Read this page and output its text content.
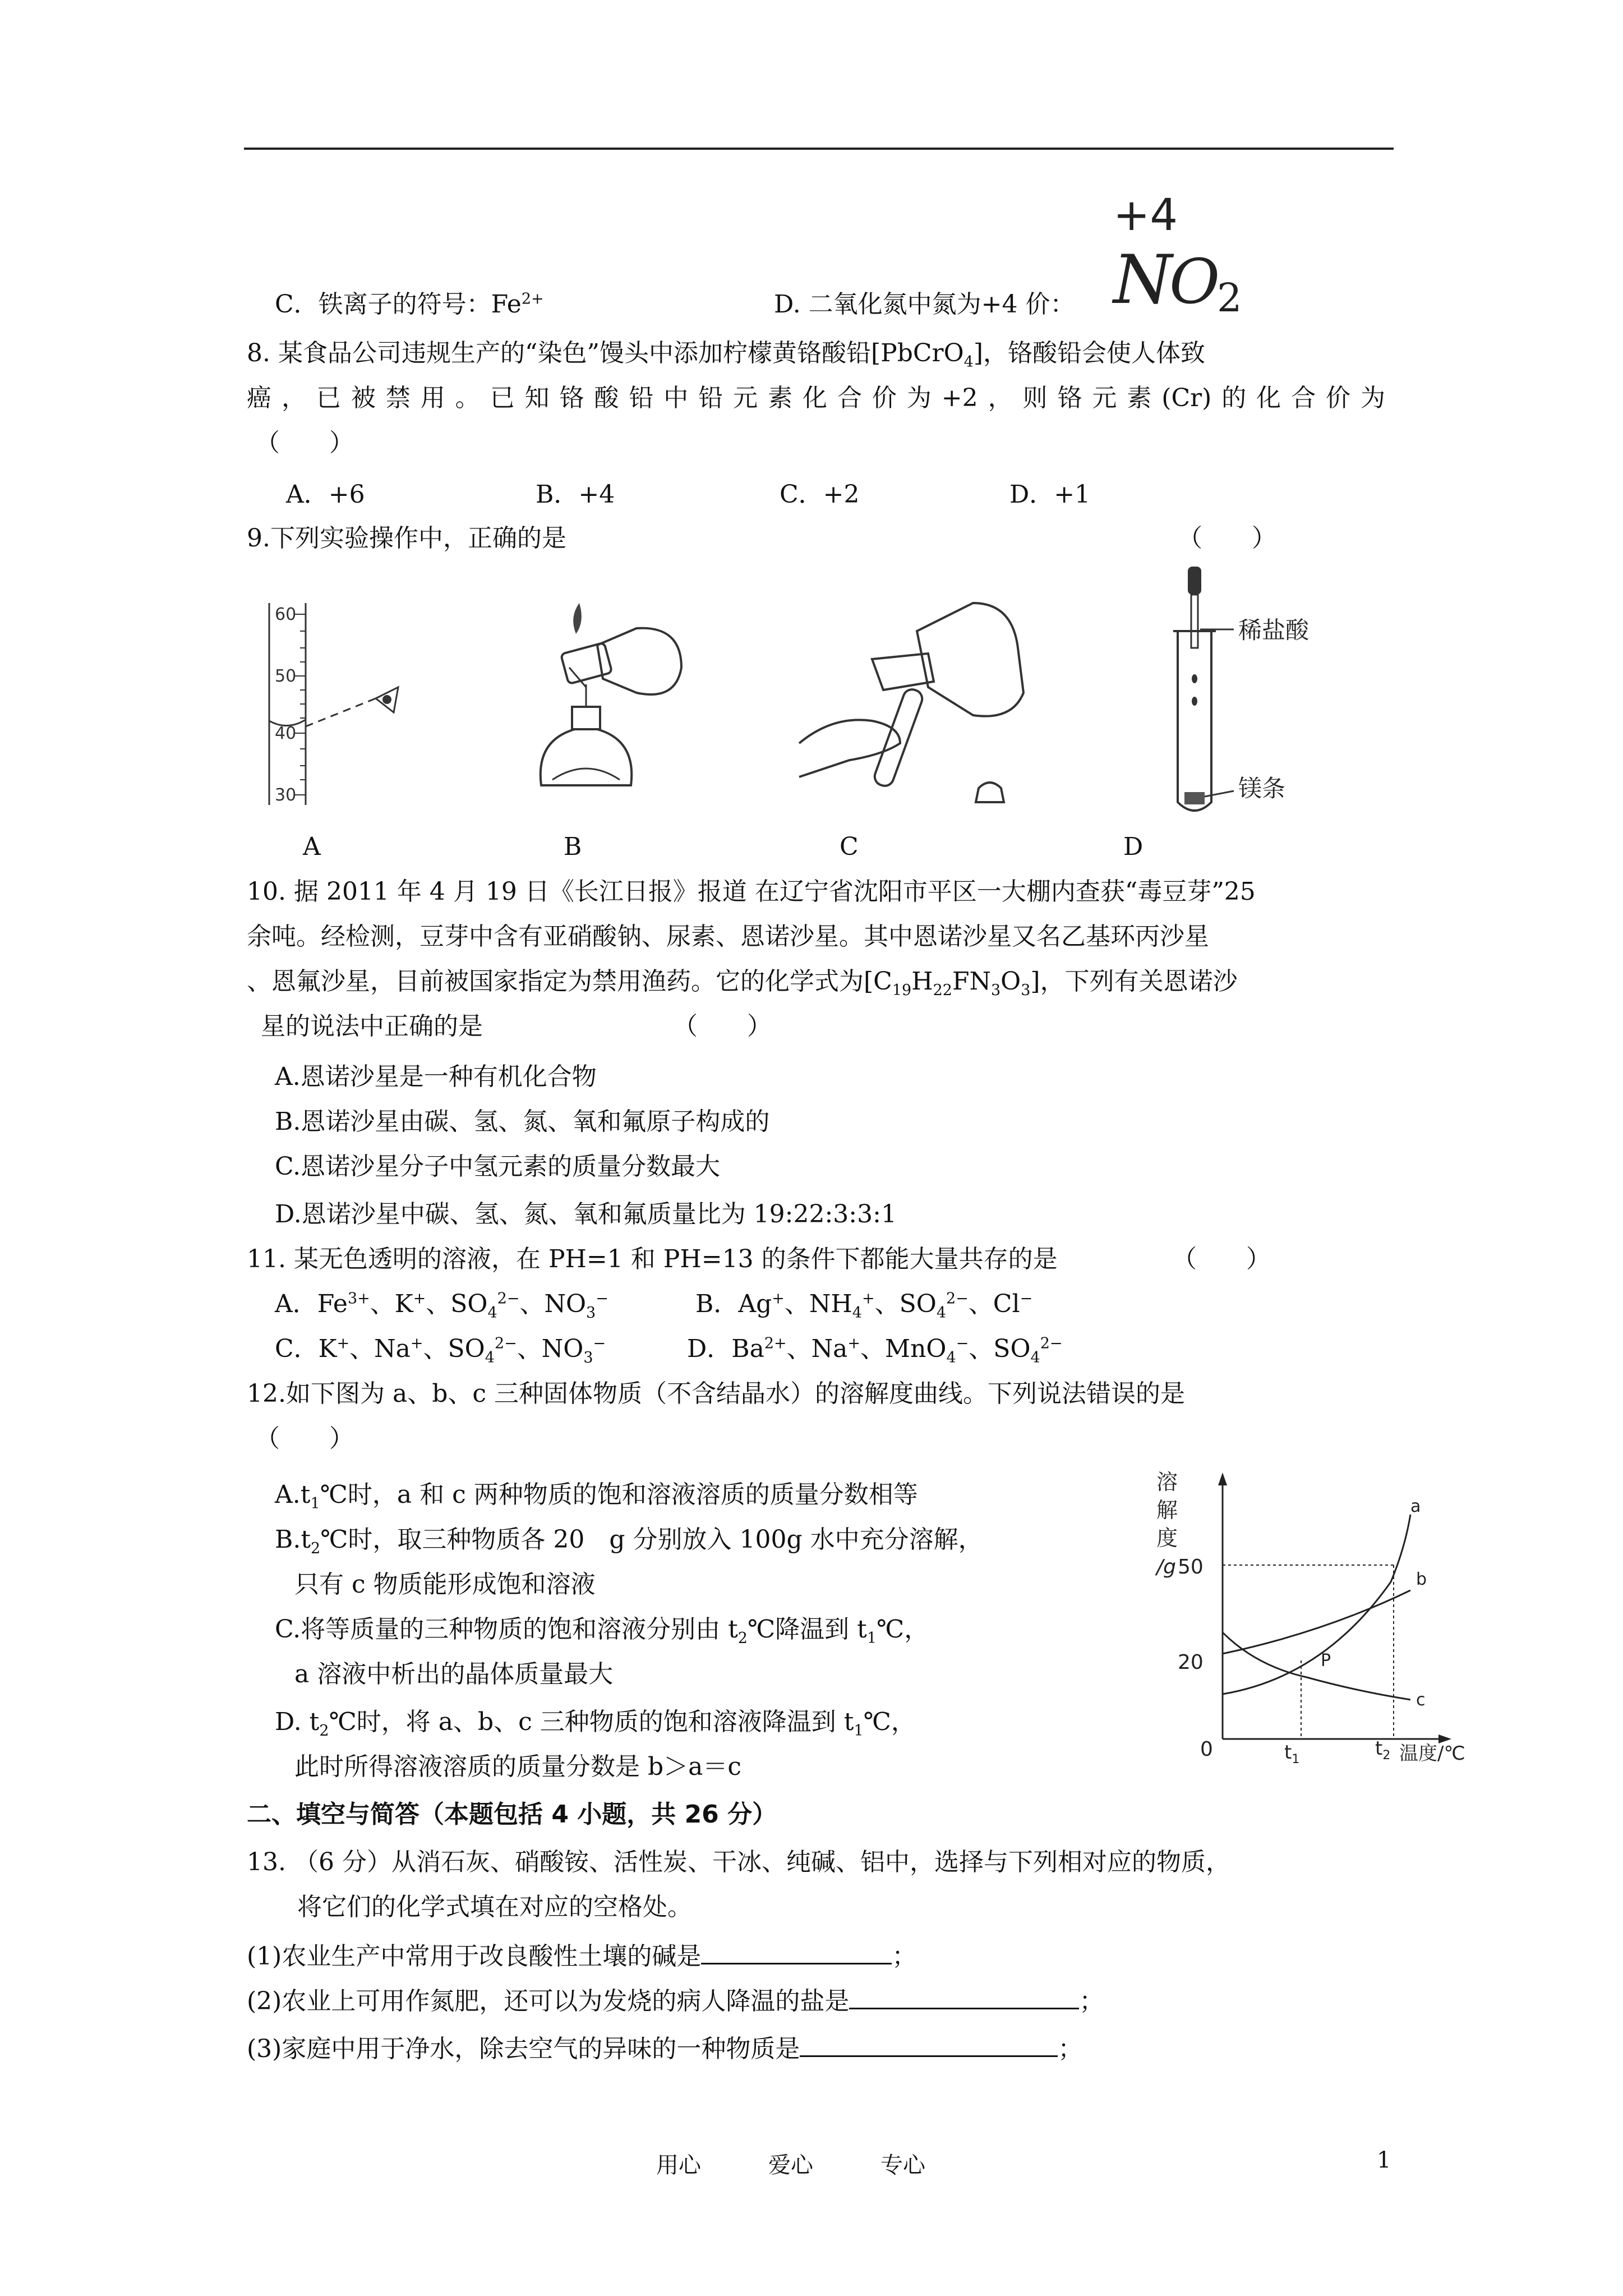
C．铁离子的符号：$Fe^{2+}$	D. 二氧化氮中氮为+4 价：
+4
N
O
2
8. 某食品公司违规生产的“染色”馒头中添加柠檬黄铬酸铅[PbCrO$_4$]，铬酸铅会使人体致
癌，已被禁用。已知铬酸铅中铅元素化合价为+2，则铬元素(Cr)的化合价为
（　　）
A．+6	B．+4	C．+2	D．+1
9.下列实验操作中，正确的是	（　　）
60
50
40
30
稀盐酸
镁条
A	B	C	D
10. 据 2011 年 4 月 19 日《长江日报》报道 在辽宁省沈阳市平区一大棚内查获“毒豆芽”25
余吨。经检测，豆芽中含有亚硝酸钠、尿素、恩诺沙星。其中恩诺沙星又名乙基环丙沙星
、恩氟沙星，目前被国家指定为禁用渔药。它的化学式为$[C_{19}H_{22}FN_3O_3]$，下列有关恩诺沙
星的说法中正确的是	（　　）
A.恩诺沙星是一种有机化合物
B.恩诺沙星由碳、氢、氮、氧和氟原子构成的
C.恩诺沙星分子中氢元素的质量分数最大
D.恩诺沙星中碳、氢、氮、氧和氟质量比为 19:22:3:3:1
11. 某无色透明的溶液，在 PH=1 和 PH=13 的条件下都能大量共存的是	（　　）
A．$Fe^{3+}$、K+、$SO_4^{2-}$、$NO_3^-$	B．Ag+、$NH_4^+$、$SO_4^{2-}$、Cl−
C．K+、Na+、$SO_4^{2-}$、$NO_3^-$	D．$Ba^{2+}$、Na+、MnO$_4$−、$SO_4^{2-}$
12.如下图为 a、b、c 三种固体物质（不含结晶水）的溶解度曲线。下列说法错误的是
（　　）
$A.t_1℃$时，a 和 c 两种物质的饱和溶液溶质的质量分数相等
$B.t_2℃$时，取三种物质各 20　g 分别放入 100g 水中充分溶解，
只有 c 物质能形成饱和溶液
C.将等质量的三种物质的饱和溶液分别由 $t_2℃$降温到 $t_1℃$，
a 溶液中析出的晶体质量最大
D. $t_2℃$时，将 a、b、c 三种物质的饱和溶液降温到 $t_1℃$，
此时所得溶液溶质的质量分数是 b＞a＝c
溶
解
度
/g 50
20
0	$t_1$	$t_2$ 温度/℃
a
b
c
P
二、填空与简答（本题包括 4 小题，共 26 分）
13. （6 分）从消石灰、硝酸铵、活性炭、干冰、纯碱、铝中，选择与下列相对应的物质，
将它们的化学式填在对应的空格处。
(1)农业生产中常用于改良酸性土壤的碱是	；
(2)农业上可用作氮肥，还可以为发烧的病人降温的盐是	；
(3)家庭中用于净水，除去空气的异味的一种物质是	；
用心	爱心	专心	1
